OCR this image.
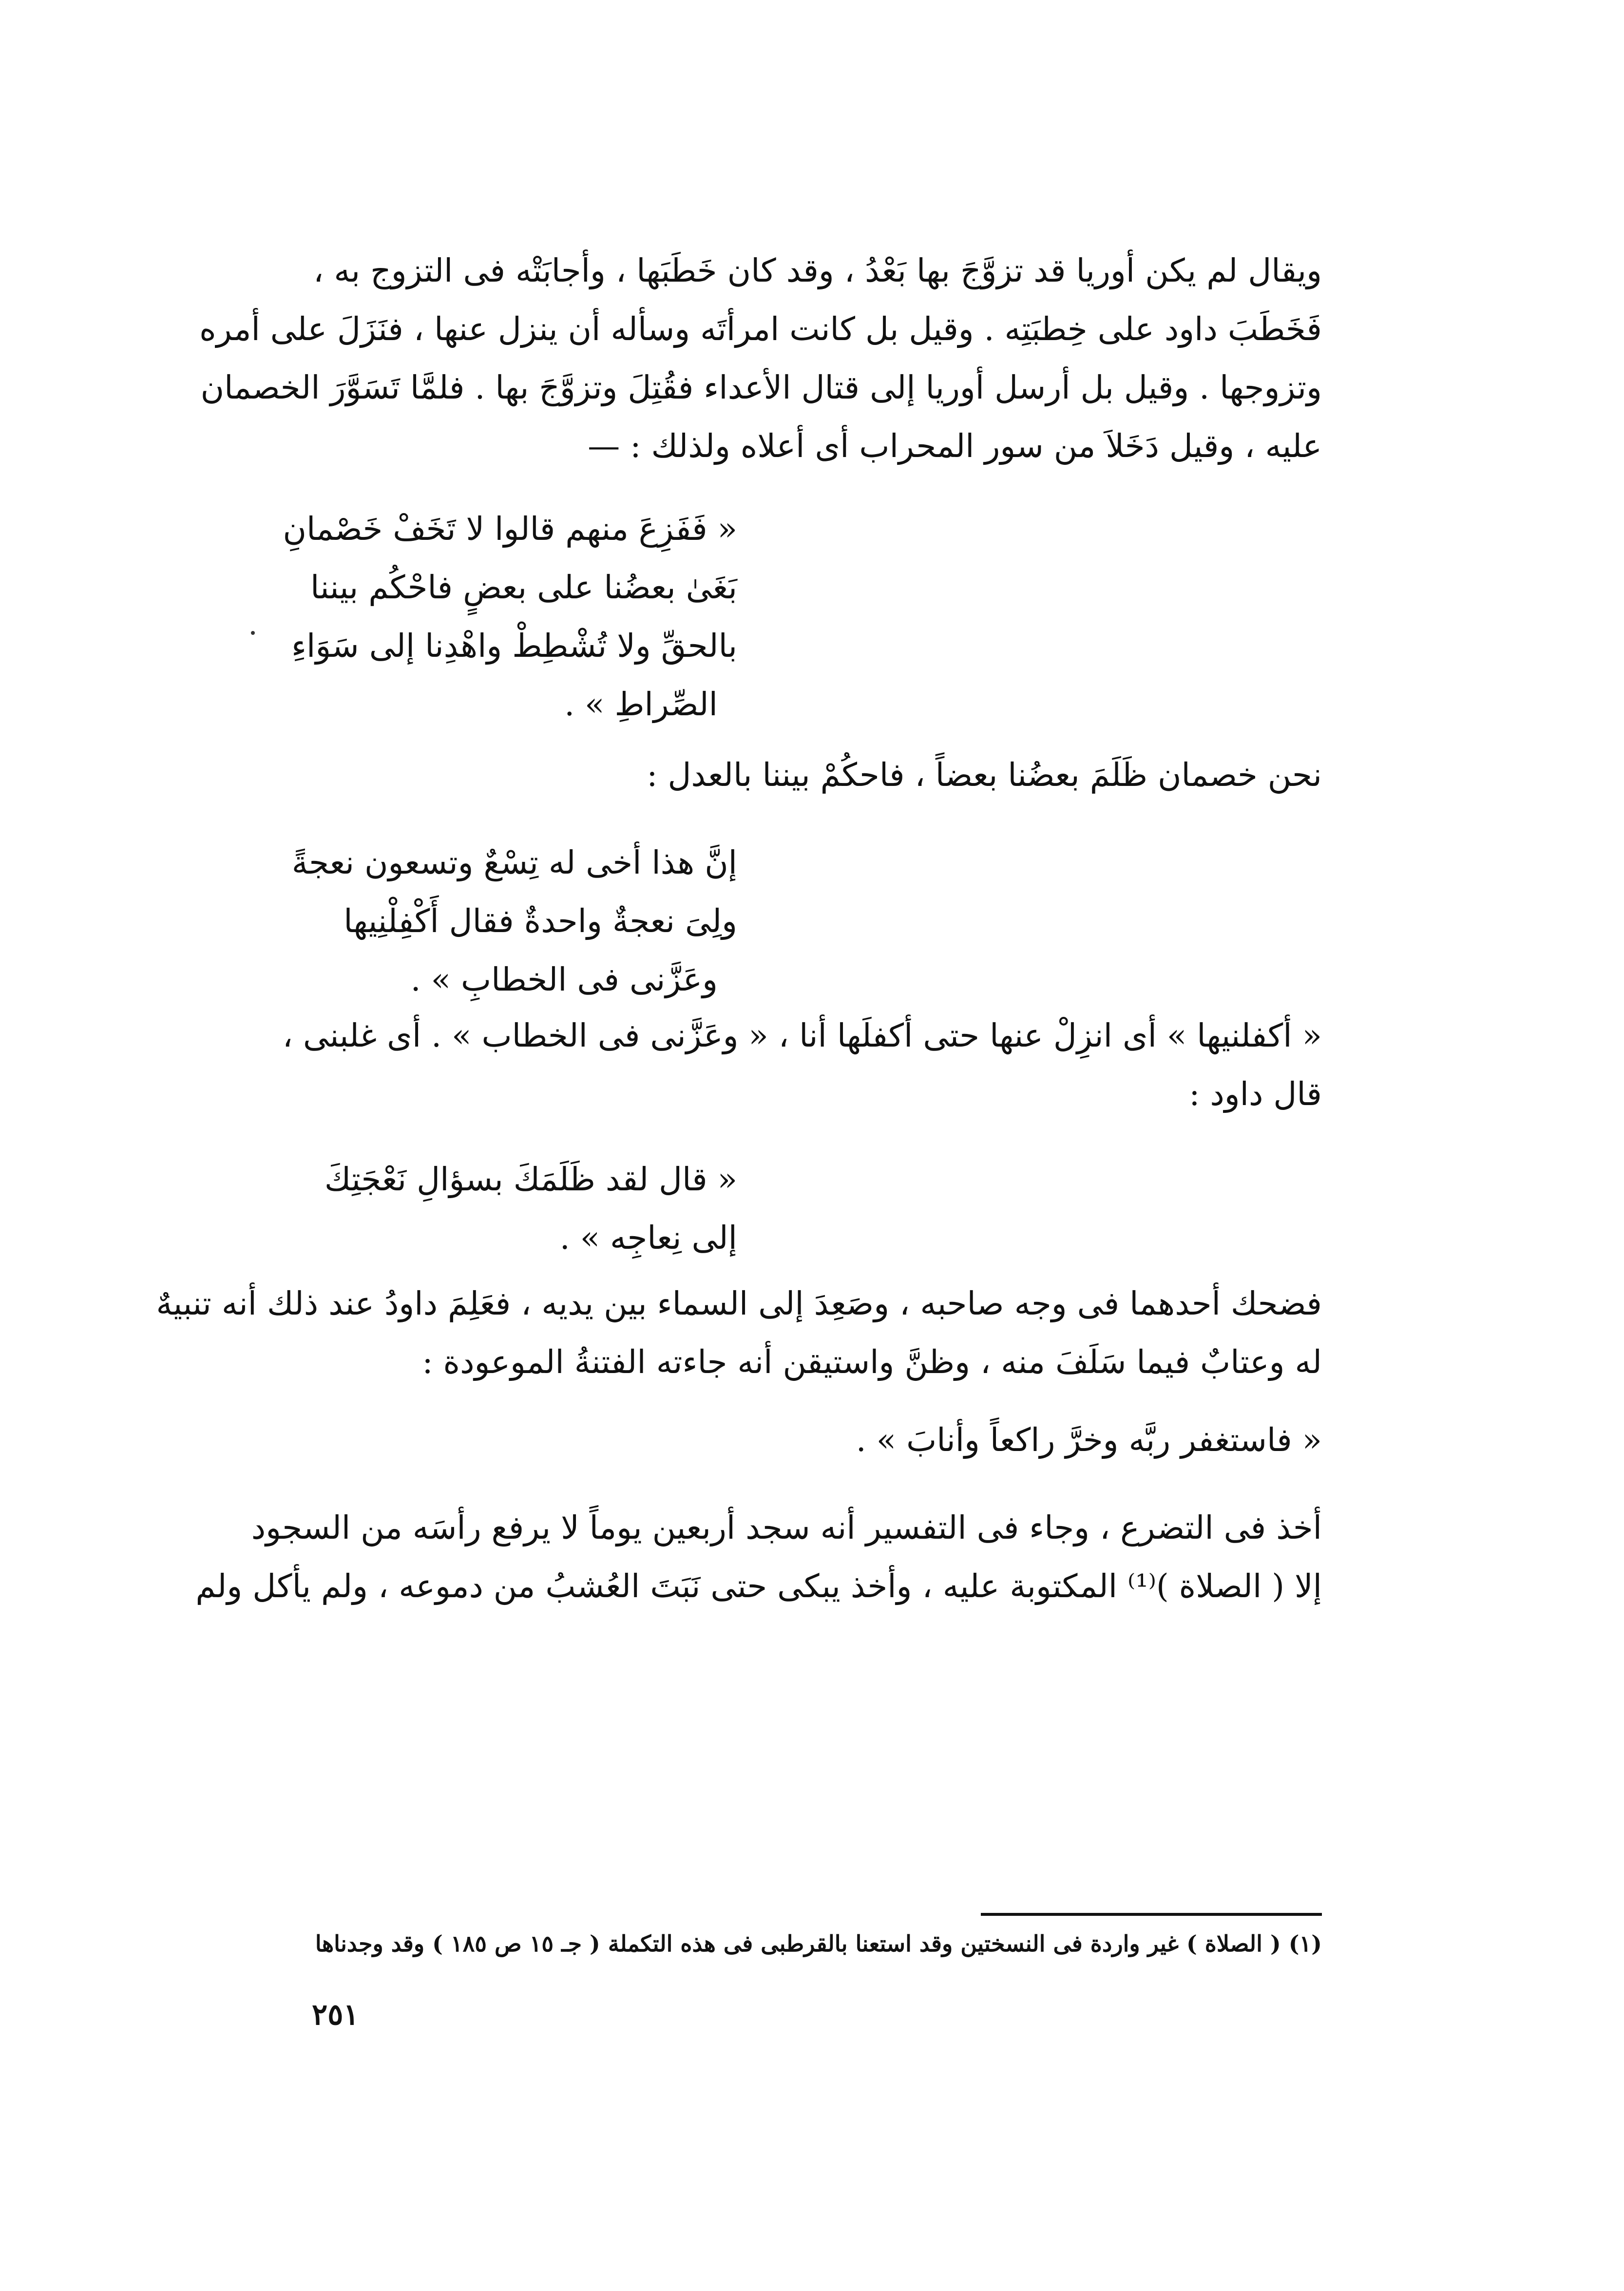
ويقال لم يكن أوريا قد تزوَّجَ بها بَعْدُ ، وقد كان خَطَبَها ، وأجابَتْه فى التزوج به ،
فَخَطَبَ داود على خِطبَتِه . وقيل بل كانت امرأتَه وسأله أن ينزل عنها ، فنَزَلَ على أمره
وتزوجها . وقيل بل أرسل أوريا إلى قتال الأعداء فقُتِلَ وتزوَّجَ بها . فلمَّا تَسَوَّرَ الخصمان
عليه ، وقيل دَخَلاَ من سور المحراب أى أعلاه ولذلك : —
« فَفَزِعَ منهم قالوا لا تَخَفْ خَصْمانِ
بَغَىٰ بعضُنا على بعضٍ فاحْكُم بيننا
بالحقِّ ولا تُشْطِطْ واهْدِنا إلى سَوَاءِ
الصِّراطِ » .
نحن خصمان ظَلَمَ بعضُنا بعضاً ، فاحكُمْ بيننا بالعدل :
إنَّ هذا أخى له تِسْعٌ وتسعون نعجةً
ولِىَ نعجةٌ واحدةٌ فقال أَكْفِلْنِيها
وعَزَّنى فى الخطابِ » .
« أكفلنيها » أى انزِلْ عنها حتى أكفلَها أنا ، « وعَزَّنى فى الخطاب » . أى غلبنى ،
قال داود :
« قال لقد ظَلَمَكَ بسؤالِ نَعْجَتِكَ
إلى نِعاجِه » .
فضحك أحدهما فى وجه صاحبه ، وصَعِدَ إلى السماء بين يديه ، فعَلِمَ داودُ عند ذلك أنه تنبيهٌ
له وعتابٌ فيما سَلَفَ منه ، وظنَّ واستيقن أنه جاءته الفتنةُ الموعودة :
« فاستغفر ربَّه وخرَّ راكعاً وأنابَ » .
أخذ فى التضرع ، وجاء فى التفسير أنه سجد أربعين يوماً لا يرفع رأسَه من السجود
إلا ( الصلاة )⁽¹⁾ المكتوبة عليه ، وأخذ يبكى حتى نَبَتَ العُشبُ من دموعه ، ولم يأكل ولم
(١) ( الصلاة ) غير واردة فى النسختين وقد استعنا بالقرطبى فى هذه التكملة ( جـ ١٥ ص ١٨٥ ) وقد وجدناها
٢٥١
